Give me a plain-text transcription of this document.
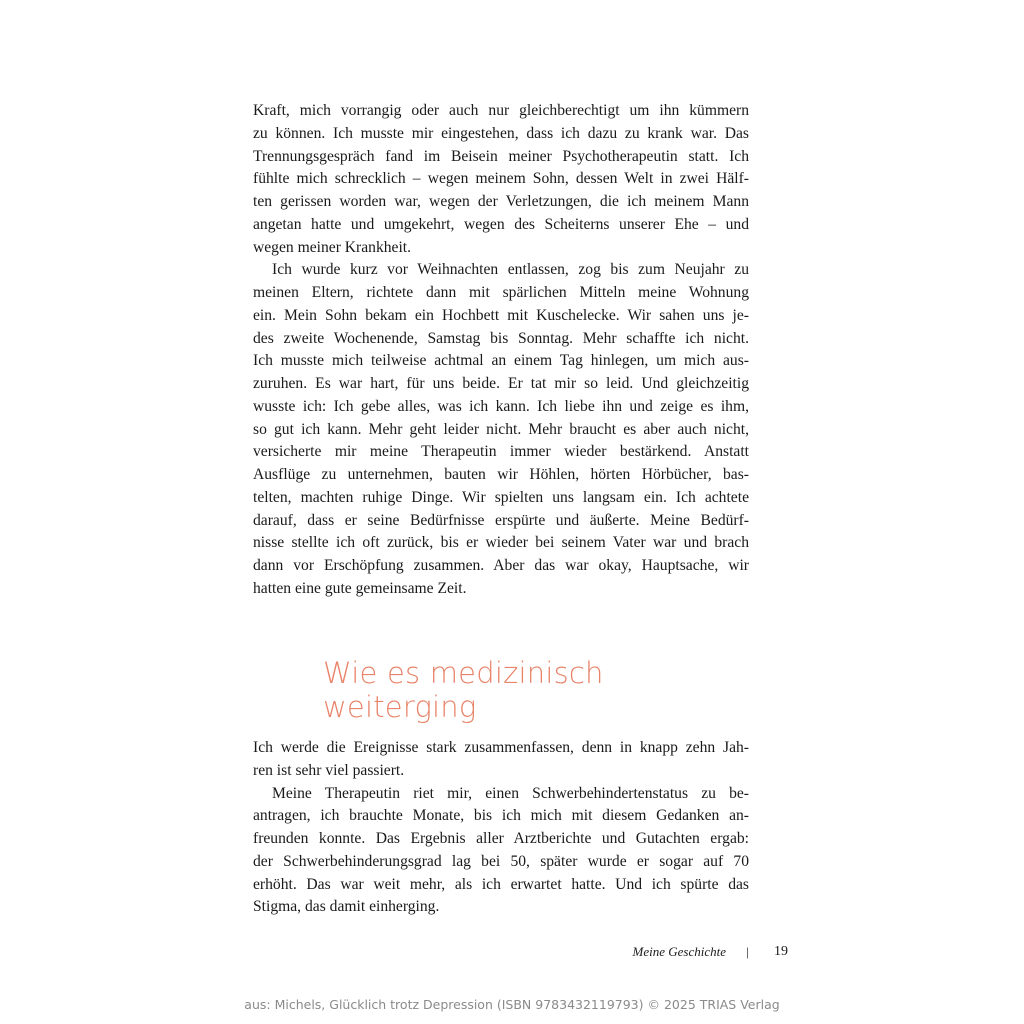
Kraft, mich vorrangig oder auch nur gleichberechtigt um ihn kümmern
zu können. Ich musste mir eingestehen, dass ich dazu zu krank war. Das
Trennungsgespräch fand im Beisein meiner Psychotherapeutin statt. Ich
fühlte mich schrecklich – wegen meinem Sohn, dessen Welt in zwei Hälf-
ten gerissen worden war, wegen der Verletzungen, die ich meinem Mann
angetan hatte und umgekehrt, wegen des Scheiterns unserer Ehe – und
wegen meiner Krankheit.

Ich wurde kurz vor Weihnachten entlassen, zog bis zum Neujahr zu
meinen Eltern, richtete dann mit spärlichen Mitteln meine Wohnung
ein. Mein Sohn bekam ein Hochbett mit Kuschelecke. Wir sahen uns je-
des zweite Wochenende, Samstag bis Sonntag. Mehr schaffte ich nicht.
Ich musste mich teilweise achtmal an einem Tag hinlegen, um mich aus-
zuruhen. Es war hart, für uns beide. Er tat mir so leid. Und gleichzeitig
wusste ich: Ich gebe alles, was ich kann. Ich liebe ihn und zeige es ihm,
so gut ich kann. Mehr geht leider nicht. Mehr braucht es aber auch nicht,
versicherte mir meine Therapeutin immer wieder bestärkend. Anstatt
Ausflüge zu unternehmen, bauten wir Höhlen, hörten Hörbücher, bas-
telten, machten ruhige Dinge. Wir spielten uns langsam ein. Ich achtete
darauf, dass er seine Bedürfnisse erspürte und äußerte. Meine Bedürf-
nisse stellte ich oft zurück, bis er wieder bei seinem Vater war und brach
dann vor Erschöpfung zusammen. Aber das war okay, Hauptsache, wir
hatten eine gute gemeinsame Zeit.

Wie es medizinisch
weiterging

Ich werde die Ereignisse stark zusammenfassen, denn in knapp zehn Jah-
ren ist sehr viel passiert.

Meine Therapeutin riet mir, einen Schwerbehindertenstatus zu be-
antragen, ich brauchte Monate, bis ich mich mit diesem Gedanken an-
freunden konnte. Das Ergebnis aller Arztberichte und Gutachten ergab:
der Schwerbehinderungsgrad lag bei 50, später wurde er sogar auf 70
erhöht. Das war weit mehr, als ich erwartet hatte. Und ich spürte das
Stigma, das damit einherging.

Meine Geschichte | 19
aus: Michels, Glücklich trotz Depression (ISBN 9783432119793) © 2025 TRIAS Verlag
